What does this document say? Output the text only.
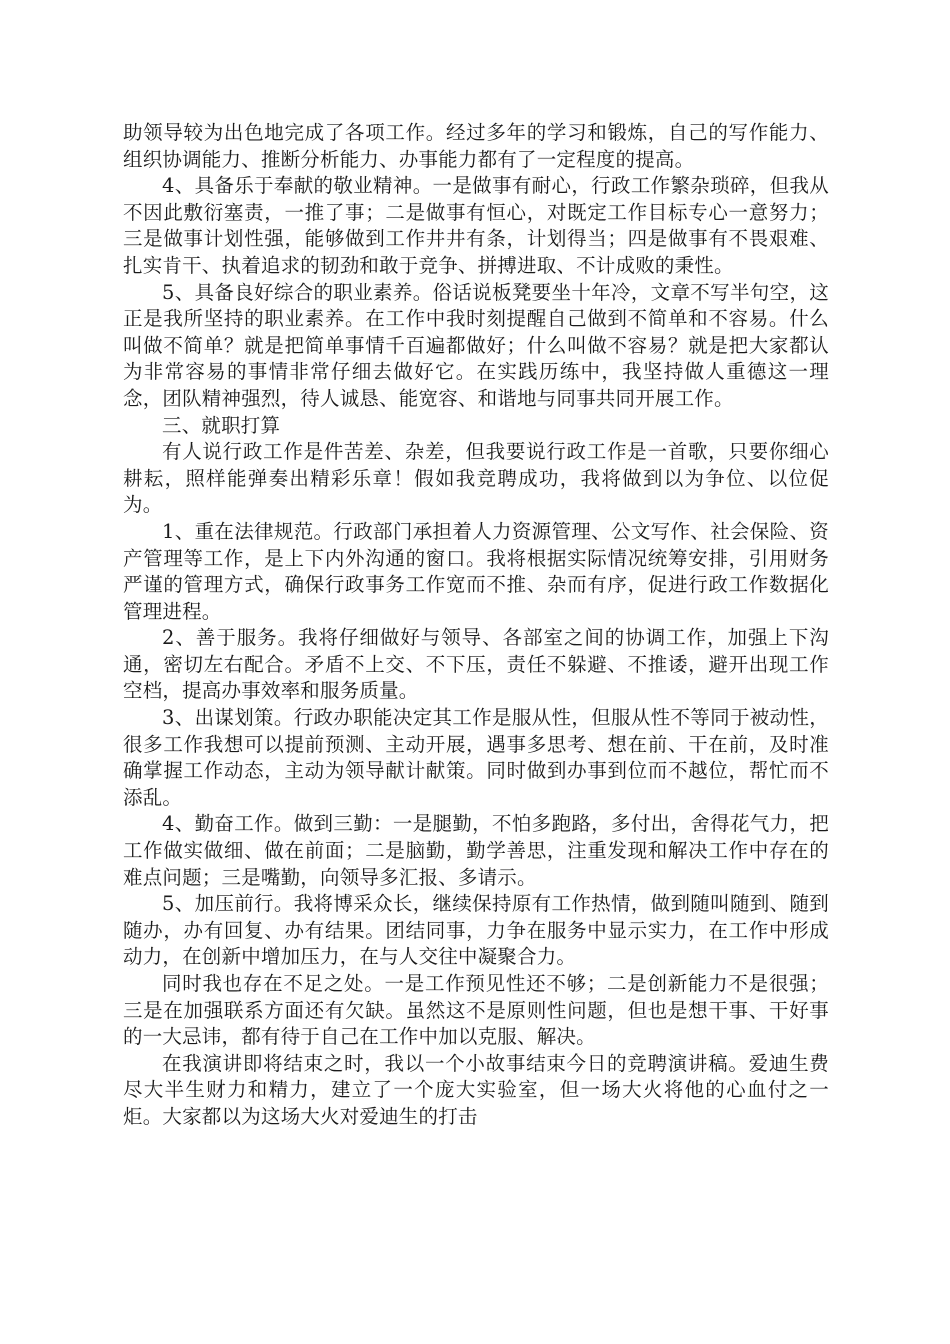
助领导较为出色地完成了各项工作。经过多年的学习和锻炼，自己的写作能力、组织协调能力、推断分析能力、办事能力都有了一定程度的提高。

4、具备乐于奉献的敬业精神。一是做事有耐心，行政工作繁杂琐碎，但我从不因此敷衍塞责，一推了事；二是做事有恒心，对既定工作目标专心一意努力；三是做事计划性强，能够做到工作井井有条，计划得当；四是做事有不畏艰难、扎实肯干、执着追求的韧劲和敢于竞争、拼搏进取、不计成败的秉性。

5、具备良好综合的职业素养。俗话说板凳要坐十年冷，文章不写半句空，这正是我所坚持的职业素养。在工作中我时刻提醒自己做到不简单和不容易。什么叫做不简单？就是把简单事情千百遍都做好；什么叫做不容易？就是把大家都认为非常容易的事情非常仔细去做好它。在实践历练中，我坚持做人重德这一理念，团队精神强烈，待人诚恳、能宽容、和谐地与同事共同开展工作。

三、就职打算

有人说行政工作是件苦差、杂差，但我要说行政工作是一首歌，只要你细心耕耘，照样能弹奏出精彩乐章！假如我竞聘成功，我将做到以为争位、以位促为。

1、重在法律规范。行政部门承担着人力资源管理、公文写作、社会保险、资产管理等工作，是上下内外沟通的窗口。我将根据实际情况统筹安排，引用财务严谨的管理方式，确保行政事务工作宽而不推、杂而有序，促进行政工作数据化管理进程。

2、善于服务。我将仔细做好与领导、各部室之间的协调工作，加强上下沟通，密切左右配合。矛盾不上交、不下压，责任不躲避、不推诿，避开出现工作空档，提高办事效率和服务质量。

3、出谋划策。行政办职能决定其工作是服从性，但服从性不等同于被动性，很多工作我想可以提前预测、主动开展，遇事多思考、想在前、干在前，及时准确掌握工作动态，主动为领导献计献策。同时做到办事到位而不越位，帮忙而不添乱。

4、勤奋工作。做到三勤：一是腿勤，不怕多跑路，多付出，舍得花气力，把工作做实做细、做在前面；二是脑勤，勤学善思，注重发现和解决工作中存在的难点问题；三是嘴勤，向领导多汇报、多请示。

5、加压前行。我将博采众长，继续保持原有工作热情，做到随叫随到、随到随办，办有回复、办有结果。团结同事，力争在服务中显示实力，在工作中形成动力，在创新中增加压力，在与人交往中凝聚合力。

同时我也存在不足之处。一是工作预见性还不够；二是创新能力不是很强；三是在加强联系方面还有欠缺。虽然这不是原则性问题，但也是想干事、干好事的一大忌讳，都有待于自己在工作中加以克服、解决。

在我演讲即将结束之时，我以一个小故事结束今日的竞聘演讲稿。爱迪生费尽大半生财力和精力，建立了一个庞大实验室，但一场大火将他的心血付之一炬。大家都以为这场大火对爱迪生的打击
